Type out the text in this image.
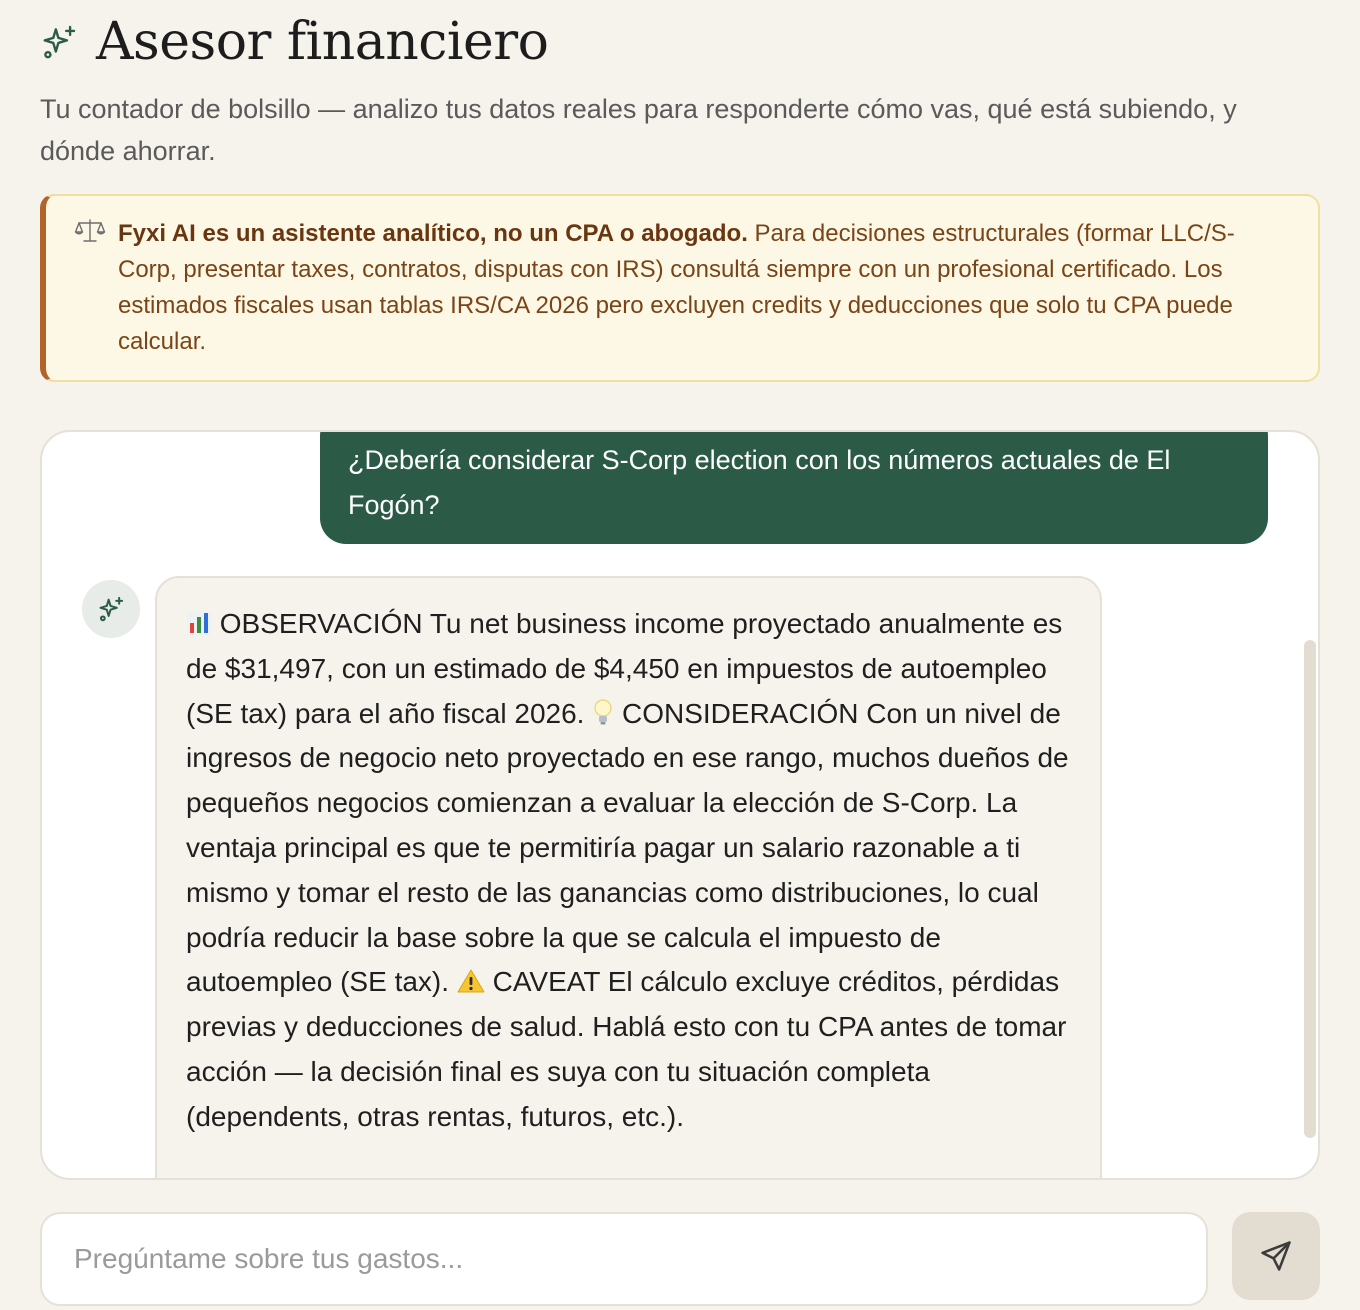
Asesor financiero

Tu contador de bolsillo — analizo tus datos reales para responderte cómo vas, qué está subiendo, y dónde ahorrar.

Fyxi AI es un asistente analítico, no un CPA o abogado. Para decisiones estructurales (formar LLC/S-Corp, presentar taxes, contratos, disputas con IRS) consultá siempre con un profesional certificado. Los estimados fiscales usan tablas IRS/CA 2026 pero excluyen credits y deducciones que solo tu CPA puede calcular.

¿Debería considerar S-Corp election con los números actuales de El Fogón?
OBSERVACIÓN Tu net business income proyectado anualmente es de $31,497, con un estimado de $4,450 en impuestos de autoempleo (SE tax) para el año fiscal 2026.  CONSIDERACIÓN Con un nivel de ingresos de negocio neto proyectado en ese rango, muchos dueños de pequeños negocios comienzan a evaluar la elección de S-Corp. La ventaja principal es que te permitiría pagar un salario razonable a ti mismo y tomar el resto de las ganancias como distribuciones, lo cual podría reducir la base sobre la que se calcula el impuesto de autoempleo (SE tax).  CAVEAT El cálculo excluye créditos, pérdidas previas y deducciones de salud. Hablá esto con tu CPA antes de tomar acción — la decisión final es suya con tu situación completa (dependents, otras rentas, futuros, etc.).
Pregúntame sobre tus gastos...
